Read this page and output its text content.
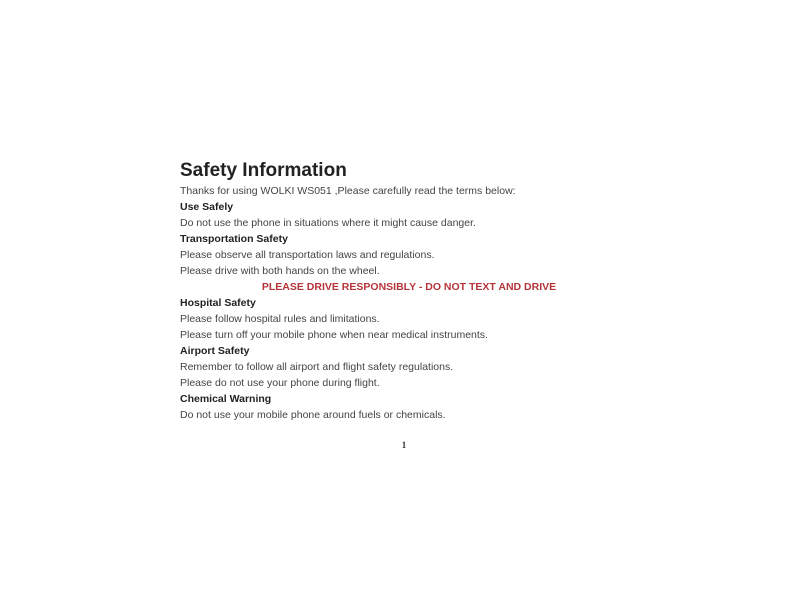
Safety Information

Thanks for using WOLKI WS051 ,Please carefully read the terms below:

Use Safely

Do not use the phone in situations where it might cause danger.

Transportation Safety

Please observe all transportation laws and regulations.

Please drive with both hands on the wheel.

PLEASE DRIVE RESPONSIBLY - DO NOT TEXT AND DRIVE

Hospital Safety

Please follow hospital rules and limitations.

Please turn off your mobile phone when near medical instruments.

Airport Safety

Remember to follow all airport and flight safety regulations.

Please do not use your phone during flight.

Chemical Warning

Do not use your mobile phone around fuels or chemicals.

1
